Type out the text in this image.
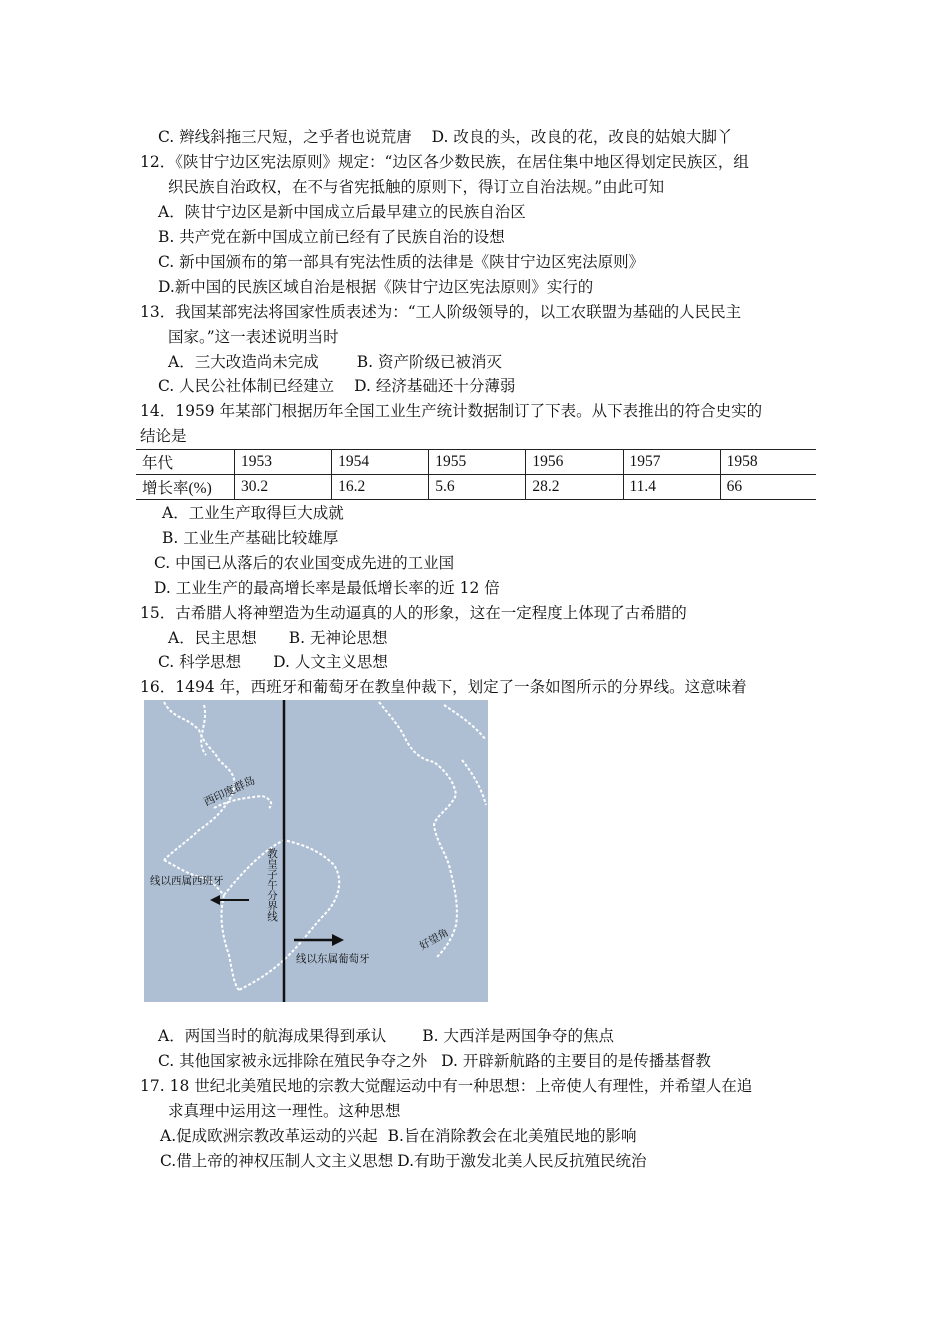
C. 辫线斜拖三尺短，之乎者也说荒唐 D. 改良的头，改良的花，改良的姑娘大脚丫
12．《陕甘宁边区宪法原则》规定：“边区各少数民族，在居住集中地区得划定民族区，组
织民族自治政权，在不与省宪抵触的原则下，得订立自治法规。”由此可知
A．陕甘宁边区是新中国成立后最早建立的民族自治区
B. 共产党在新中国成立前已经有了民族自治的设想
C. 新中国颁布的第一部具有宪法性质的法律是《陕甘宁边区宪法原则》
D.新中国的民族区域自治是根据《陕甘宁边区宪法原则》实行的
13．我国某部宪法将国家性质表述为：“工人阶级领导的，以工农联盟为基础的人民民主
国家。”这一表述说明当时
A．三大改造尚未完成 B. 资产阶级已被消灭
C. 人民公社体制已经建立 D. 经济基础还十分薄弱
14．1959 年某部门根据历年全国工业生产统计数据制订了下表。从下表推出的符合史实的
结论是
年代	1953	1954	1955	1956	1957	1958
增长率(%)	30.2	16.2	5.6	28.2	11.4	66
A．工业生产取得巨大成就
B. 工业生产基础比较雄厚
C. 中国已从落后的农业国变成先进的工业国
D. 工业生产的最高增长率是最低增长率的近 12 倍
15．古希腊人将神塑造为生动逼真的人的形象，这在一定程度上体现了古希腊的
A．民主思想 B. 无神论思想
C. 科学思想 D. 人文主义思想
16．1494 年，西班牙和葡萄牙在教皇仲裁下，划定了一条如图所示的分界线。这意味着
西印度群岛
线以西属西班牙	教皇子午分界线
线以东属葡萄牙
好望角
A．两国当时的航海成果得到承认 B. 大西洋是两国争夺的焦点
C. 其他国家被永远排除在殖民争夺之外 D. 开辟新航路的主要目的是传播基督教
17. 18 世纪北美殖民地的宗教大觉醒运动中有一种思想：上帝使人有理性，并希望人在追
求真理中运用这一理性。这种思想
A.促成欧洲宗教改革运动的兴起 B.旨在消除教会在北美殖民地的影响
C.借上帝的神权压制人文主义思想 D.有助于激发北美人民反抗殖民统治
